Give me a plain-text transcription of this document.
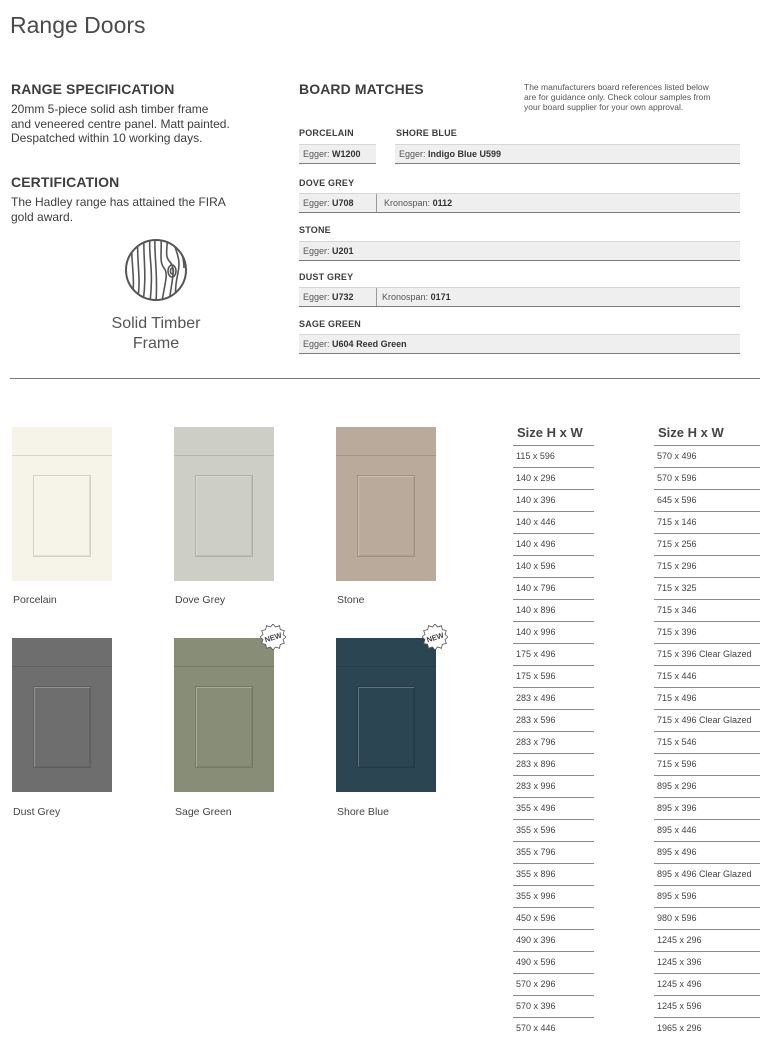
Range Doors
RANGE SPECIFICATION

20mm 5-piece solid ash timber frame

and veneered centre panel. Matt painted.

Despatched within 10 working days.

CERTIFICATION

The Hadley range has attained the FIRA

gold award.

Solid Timber
Frame
BOARD MATCHES	The manufacturers board references listed below
are for guidance only. Check colour samples from
your board supplier for your own approval.
PORCELAIN	SHORE BLUE
Egger: W1200	Egger: Indigo Blue U599
DOVE GREY
Egger: U708	Kronospan: 0112
STONE
Egger: U201
DUST GREY
Egger: U732	Kronospan: 0171
SAGE GREEN
Egger: U604 Reed Green
Porcelain	Dove Grey	Stone
Dust Grey	Sage Green	Shore Blue
NEW	NEW
Size H x W
115 x 596
140 x 296
140 x 396
140 x 446
140 x 496
140 x 596
140 x 796
140 x 896
140 x 996
175 x 496
175 x 596
283 x 496
283 x 596
283 x 796
283 x 896
283 x 996
355 x 496
355 x 596
355 x 796
355 x 896
355 x 996
450 x 596
490 x 396
490 x 596
570 x 296
570 x 396
570 x 446
Size H x W
570 x 496
570 x 596
645 x 596
715 x 146
715 x 256
715 x 296
715 x 325
715 x 346
715 x 396
715 x 396 Clear Glazed
715 x 446
715 x 496
715 x 496 Clear Glazed
715 x 546
715 x 596
895 x 296
895 x 396
895 x 446
895 x 496
895 x 496 Clear Glazed
895 x 596
980 x 596
1245 x 296
1245 x 396
1245 x 496
1245 x 596
1965 x 296
